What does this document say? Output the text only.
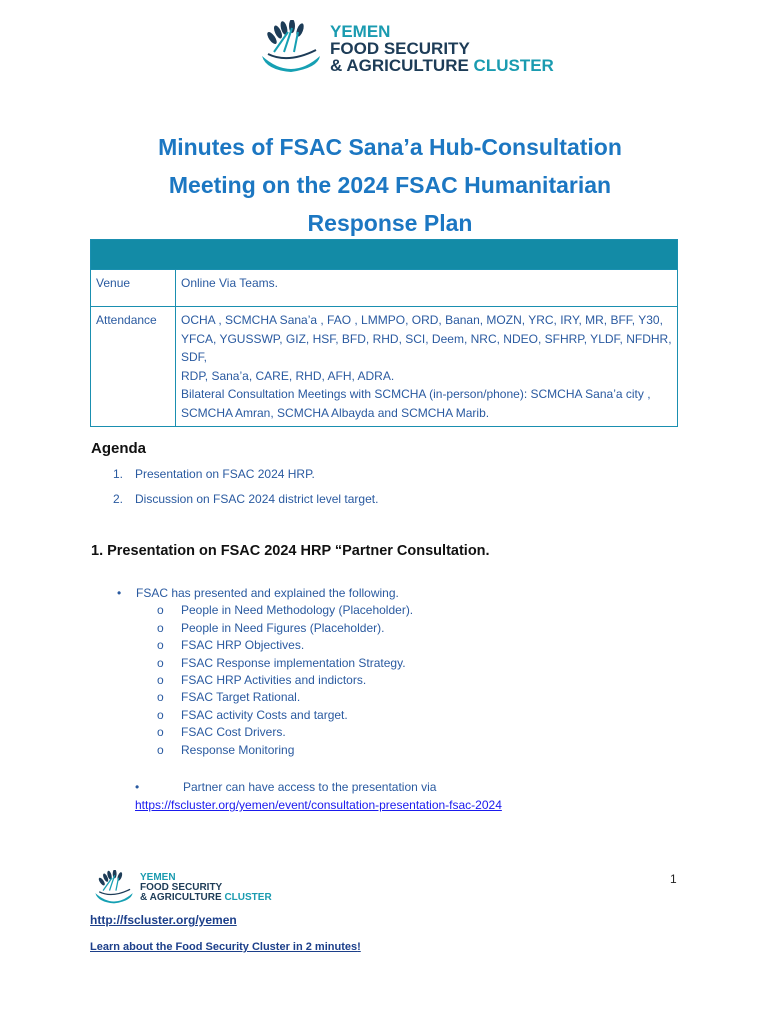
YEMEN
FOOD SECURITY
& AGRICULTURE CLUSTER
Minutes of FSAC Sana’a Hub-Consultation
Meeting on the 2024 FSAC Humanitarian
Response Plan

Venue	Online Via Teams.
Attendance	OCHA , SCMCHA Sana’a , FAO , LMMPO, ORD, Banan, MOZN, YRC, IRY, MR, BFF, Y30,
YFCA, YGUSSWP, GIZ, HSF, BFD, RHD, SCI, Deem, NRC, NDEO, SFHRP, YLDF, NFDHR, SDF,
RDP, Sana’a, CARE, RHD, AFH, ADRA.
Bilateral Consultation Meetings with SCMCHA (in-person/phone): SCMCHA Sana’a city ,
SCMCHA Amran, SCMCHA Albayda and SCMCHA Marib.
Agenda
1. Presentation on FSAC 2024 HRP.
2. Discussion on FSAC 2024 district level target.
1. Presentation on FSAC 2024 HRP “Partner Consultation.
•	FSAC has presented and explained the following.
o	People in Need Methodology (Placeholder).
o	People in Need Figures (Placeholder).
o	FSAC HRP Objectives.
o	FSAC Response implementation Strategy.
o	FSAC HRP Activities and indictors.
o	FSAC Target Rational.
o	FSAC activity Costs and target.
o	FSAC Cost Drivers.
o	Response Monitoring
•	Partner can have access to the presentation via
https://fscluster.org/yemen/event/consultation-presentation-fsac-2024
1
YEMEN
FOOD SECURITY
& AGRICULTURE CLUSTER
http://fscluster.org/yemen
Learn about the Food Security Cluster in 2 minutes!
